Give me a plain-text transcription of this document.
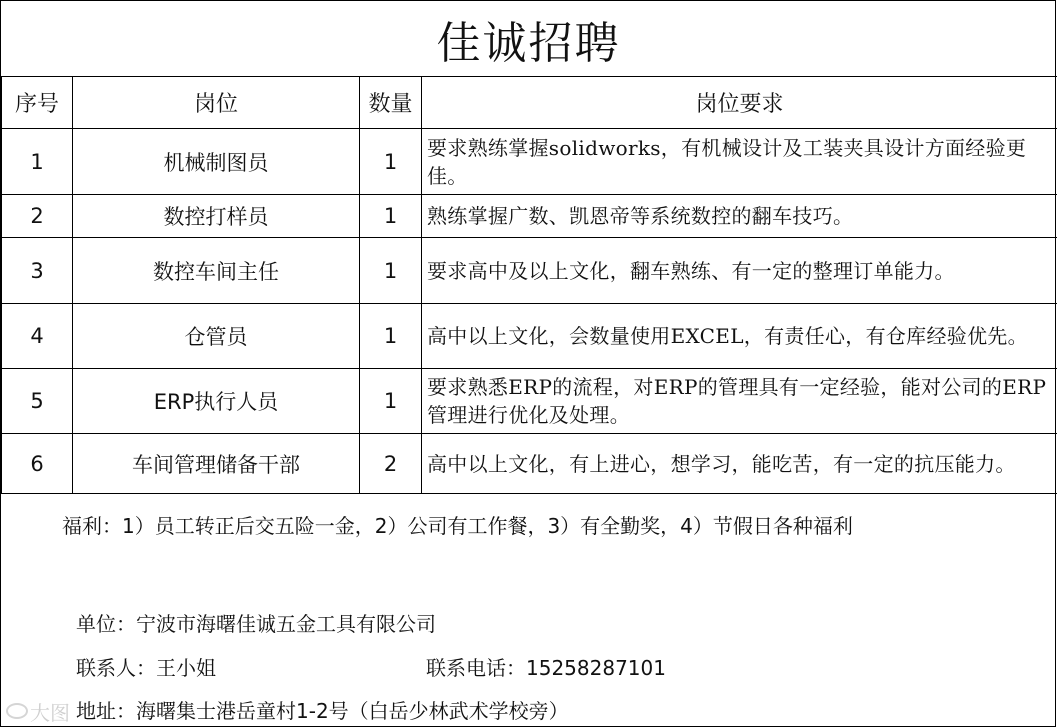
佳诚招聘
序号	岗位	数量	岗位要求
1	机械制图员	1	要求熟练掌握solidworks，有机械设计及工装夹具设计方面经验更佳。
2	数控打样员	1	熟练掌握广数、凯恩帝等系统数控的翻车技巧。
3	数控车间主任	1	要求高中及以上文化，翻车熟练、有一定的整理订单能力。
4	仓管员	1	高中以上文化，会数量使用EXCEL，有责任心，有仓库经验优先。
5	ERP执行人员	1	要求熟悉ERP的流程，对ERP的管理具有一定经验，能对公司的ERP管理进行优化及处理。
6	车间管理储备干部	2	高中以上文化，有上进心，想学习，能吃苦，有一定的抗压能力。
福利：1）员工转正后交五险一金，2）公司有工作餐，3）有全勤奖，4）节假日各种福利
单位：宁波市海曙佳诚五金工具有限公司
联系人：王小姐	联系电话：15258287101
地址：海曙集士港岳童村1-2号（白岳少林武术学校旁）
大图
